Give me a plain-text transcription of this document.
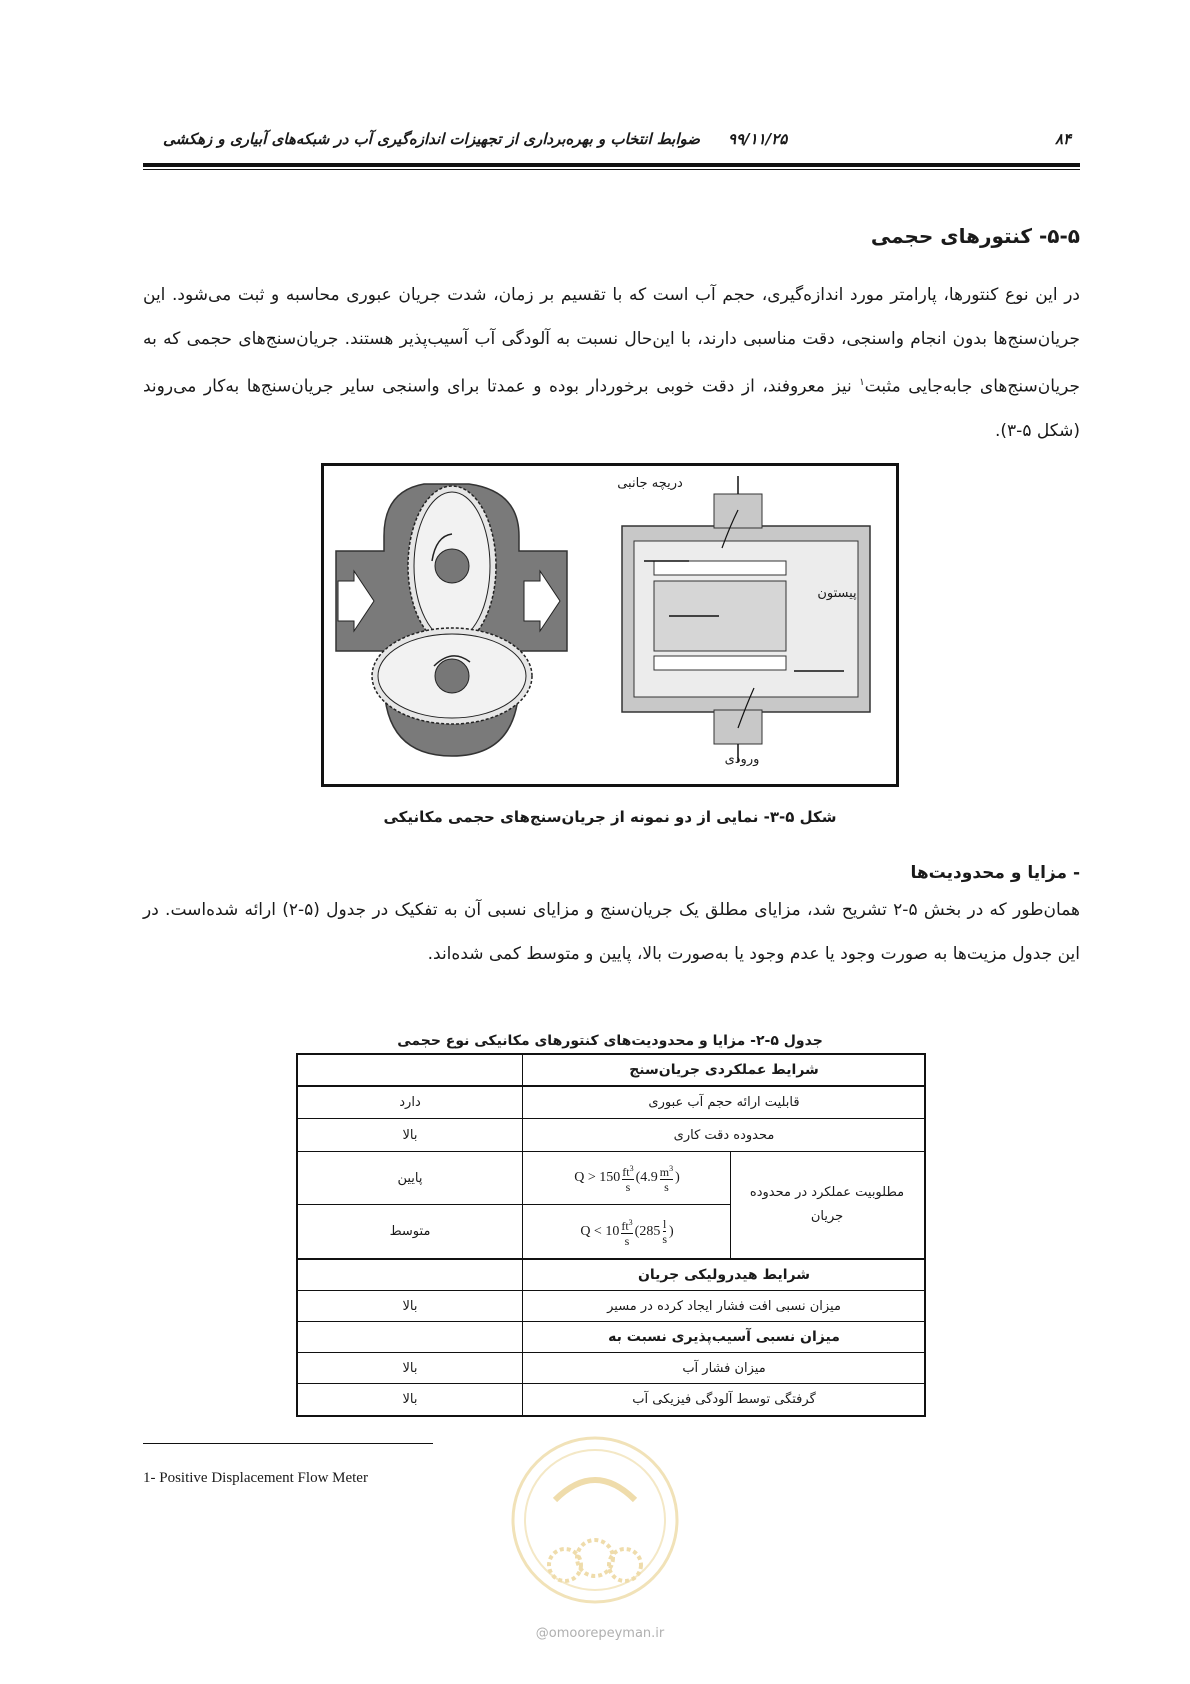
ضوابط انتخاب و بهره‌برداری از تجهیزات اندازه‌گیری آب در شبکه‌های آبیاری و زهکشی ۹۹/۱۱/۲۵	۸۴
۵-۵- کنتورهای حجمی
در این نوع کنتورها، پارامتر مورد اندازه‌گیری، حجم آب است که با تقسیم بر زمان، شدت جریان عبوری محاسبه و ثبت می‌شود. این جریان‌سنج‌ها بدون انجام واسنجی، دقت مناسبی دارند، با این‌حال نسبت به آلودگی آب آسیب‌پذیر هستند. جریان‌سنج‌های حجمی که به جریان‌سنج‌های جابه‌جایی مثبت$^۱$ نیز معروفند، از دقت خوبی برخوردار بوده و عمدتا برای واسنجی سایر جریان‌سنج‌ها به‌کار می‌روند (شکل ۵-۳).
دریچه جانبی
پیستون
ورودی
شکل ۵-۳- نمایی از دو نمونه از جریان‌سنج‌های حجمی مکانیکی
- مزایا و محدودیت‌ها
همان‌طور که در بخش ۵-۲ تشریح شد، مزایای مطلق یک جریان‌سنج و مزایای نسبی آن به تفکیک در جدول (۵-۲) ارائه شده‌است. در این جدول مزیت‌ها به صورت وجود یا عدم وجود یا به‌صورت بالا، پایین و متوسط کمی شده‌اند.
جدول ۵-۲- مزایا و محدودیت‌های کنتورهای مکانیکی نوع حجمی
شرایط عملکردی جریان‌سنج
قابلیت ارائه حجم آب عبوری
دارد
محدوده دقت کاری
بالا
مطلوبیت عملکرد در محدوده جریان
Q > 150 $ft^3$
s
(4.9 $m^3$
s
)
پایین
Q < 10 $ft^3$
s
(285 l
s
)
متوسط
شرایط هیدرولیکی جریان
میزان نسبی افت فشار ایجاد کرده در مسیر
بالا
میزان نسبی آسیب‌پذیری نسبت به
میزان فشار آب
بالا
گرفتگی توسط آلودگی فیزیکی آب
بالا
1- Positive Displacement Flow Meter
@omoorepeyman.ir
